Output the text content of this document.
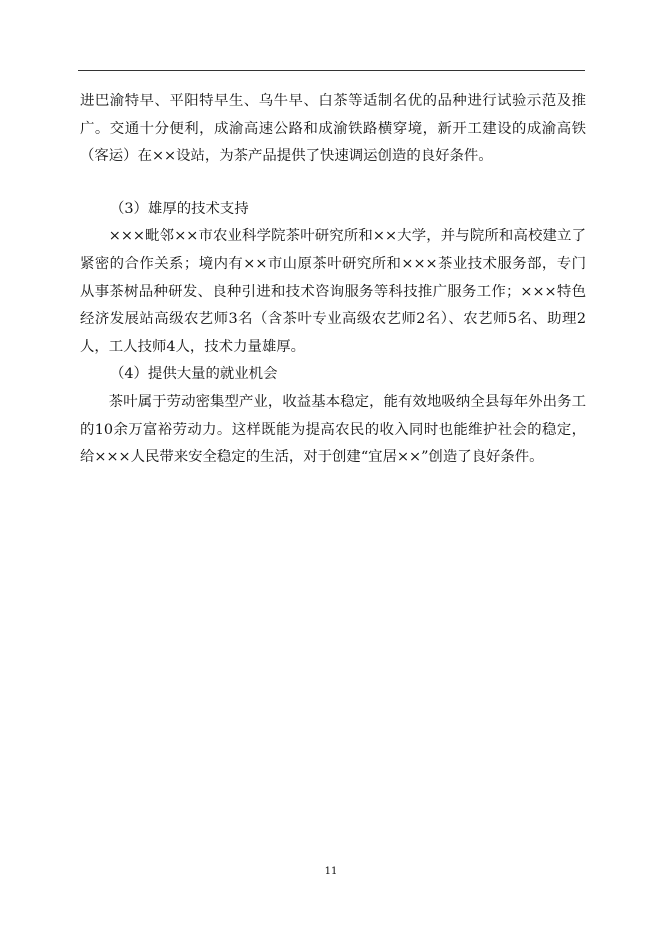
进巴渝特早、平阳特早生、乌牛早、白茶等适制名优的品种进行试验示范及推广。交通十分便利，成渝高速公路和成渝铁路横穿境，新开工建设的成渝高铁（客运）在××设站，为茶产品提供了快速调运创造的良好条件。

（3）雄厚的技术支持

×××毗邻××市农业科学院茶叶研究所和××大学，并与院所和高校建立了紧密的合作关系；境内有××市山原茶叶研究所和×××茶业技术服务部，专门从事茶树品种研发、良种引进和技术咨询服务等科技推广服务工作；×××特色经济发展站高级农艺师3名（含茶叶专业高级农艺师2名）、农艺师5名、助理2人，工人技师4人，技术力量雄厚。

（4）提供大量的就业机会

茶叶属于劳动密集型产业，收益基本稳定，能有效地吸纳全县每年外出务工的10余万富裕劳动力。这样既能为提高农民的收入同时也能维护社会的稳定，给×××人民带来安全稳定的生活，对于创建“宜居××”创造了良好条件。

11
